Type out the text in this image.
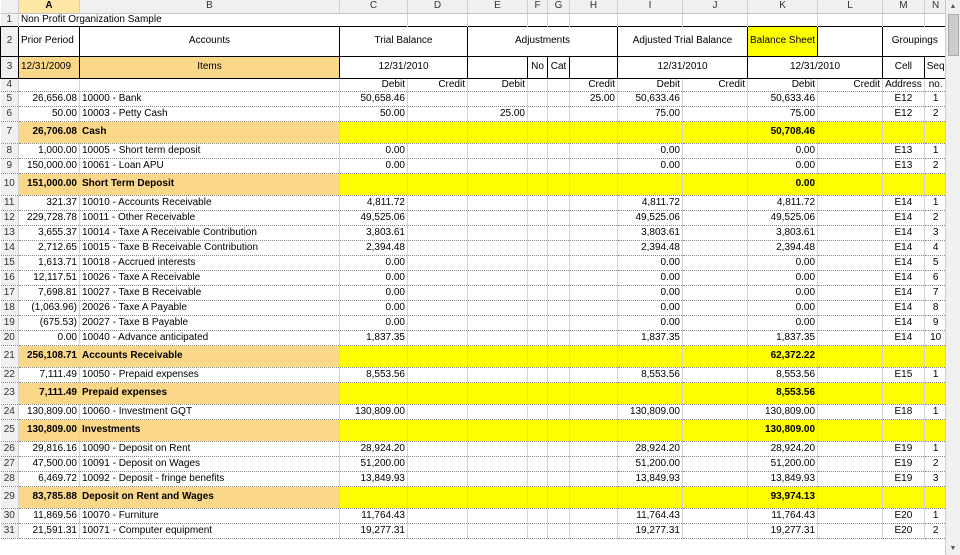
	A	B	C	D	E	F	G	H	I	J	K	L	M	N
1	Non Profit Organization Sample													
2	Prior Period	Accounts	Trial Balance		Adjustments				Adjusted Trial Balance		Balance Sheet		Groupings	
3	12/31/2009	Items	12/31/2010			No	Cat		12/31/2010		12/31/2010		Cell	Seq
4			Debit	Credit	Debit			Credit	Debit	Credit	Debit	Credit	Address	no.
5	26,656.08	10000 - Bank	50,658.46					25.00	50,633.46		50,633.46		E12	1
6	50.00	10003 - Petty Cash	50.00		25.00				75.00		75.00		E12	2
7	26,706.08	Cash									50,708.46			
8	1,000.00	10005 - Short term deposit	0.00						0.00		0.00		E13	1
9	150,000.00	10061 - Loan APU	0.00						0.00		0.00		E13	2
10	151,000.00	Short Term Deposit									0.00			
11	321.37	10010 - Accounts Receivable	4,811.72						4,811.72		4,811.72		E14	1
12	229,728.78	10011 - Other Receivable	49,525.06						49,525.06		49,525.06		E14	2
13	3,655.37	10014 - Taxe A Receivable Contribution	3,803.61						3,803.61		3,803.61		E14	3
14	2,712.65	10015 - Taxe B Receivable Contribution	2,394.48						2,394.48		2,394.48		E14	4
15	1,613.71	10018 - Accrued interests	0.00						0.00		0.00		E14	5
16	12,117.51	10026 - Taxe A Receivable	0.00						0.00		0.00		E14	6
17	7,698.81	10027 - Taxe B Receivable	0.00						0.00		0.00		E14	7
18	(1,063.96)	20026 - Taxe A Payable	0.00						0.00		0.00		E14	8
19	(675.53)	20027 - Taxe B Payable	0.00						0.00		0.00		E14	9
20	0.00	10040 - Advance anticipated	1,837.35						1,837.35		1,837.35		E14	10
21	256,108.71	Accounts Receivable									62,372.22			
22	7,111.49	10050 - Prepaid expenses	8,553.56						8,553.56		8,553.56		E15	1
23	7,111.49	Prepaid expenses									8,553.56			
24	130,809.00	10060 - Investment GQT	130,809.00						130,809.00		130,809.00		E18	1
25	130,809.00	Investments									130,809.00			
26	29,816.16	10090 - Deposit on Rent	28,924.20						28,924.20		28,924.20		E19	1
27	47,500.00	10091 - Deposit on Wages	51,200.00						51,200.00		51,200.00		E19	2
28	6,469.72	10092 - Deposit - fringe benefits	13,849.93						13,849.93		13,849.93		E19	3
29	83,785.88	Deposit on Rent and Wages									93,974.13			
30	11,869.56	10070 - Furniture	11,764.43						11,764.43		11,764.43		E20	1
31	21,591.31	10071 - Computer equipment	19,277.31						19,277.31		19,277.31		E20	2
▲
▼
